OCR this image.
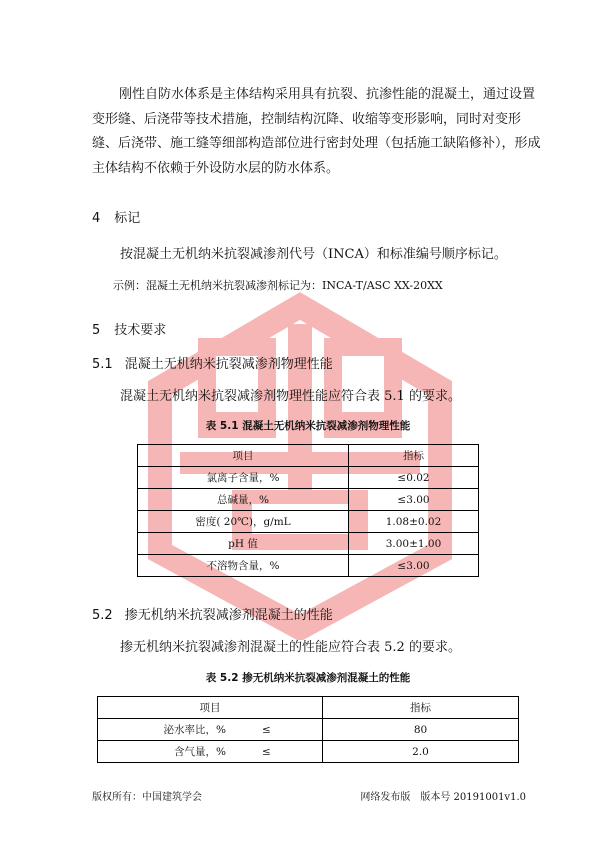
刚性自防水体系是主体结构采用具有抗裂、抗渗性能的混凝土，通过设置变形缝、后浇带等技术措施，控制结构沉降、收缩等变形影响，同时对变形缝、后浇带、施工缝等细部构造部位进行密封处理（包括施工缺陷修补），形成主体结构不依赖于外设防水层的防水体系。
4 标记
按混凝土无机纳米抗裂减渗剂代号（INCA）和标准编号顺序标记。
示例：混凝土无机纳米抗裂减渗剂标记为：INCA-T/ASC XX-20XX
5 技术要求
5.1 混凝土无机纳米抗裂减渗剂物理性能
混凝土无机纳米抗裂减渗剂物理性能应符合表 5.1 的要求。
表 5.1 混凝土无机纳米抗裂减渗剂物理性能
项目	指标
氯离子含量，%	≤0.02
总碱量，%	≤3.00
密度( 20℃)，g/mL	1.08±0.02
pH 值	3.00±1.00
不溶物含量，%	≤3.00
5.2 掺无机纳米抗裂减渗剂混凝土的性能
掺无机纳米抗裂减渗剂混凝土的性能应符合表 5.2 的要求。
表 5.2 掺无机纳米抗裂减渗剂混凝土的性能
项目	指标
泌水率比，% ≤	80
含气量，% ≤	2.0
版权所有：中国建筑学会	网络发布版　版本号 20191001v1.0
